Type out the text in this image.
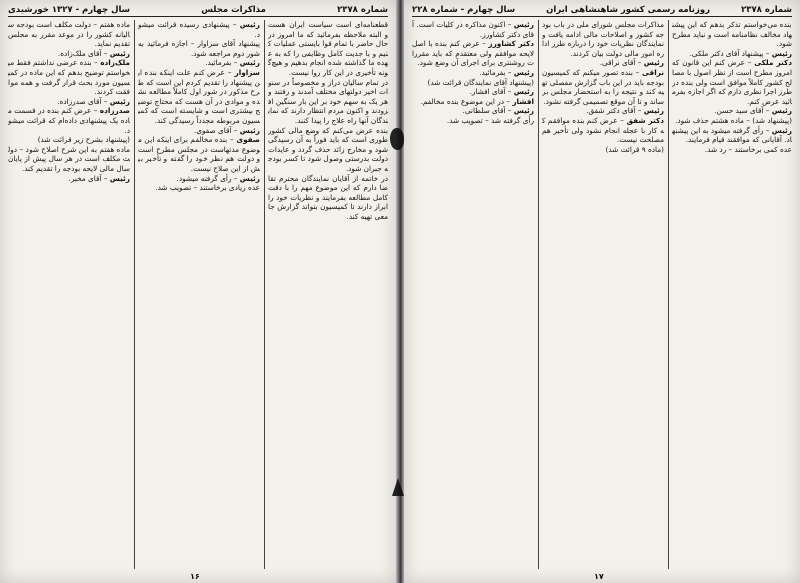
شماره ۲۳۷۸
مذاکرات مجلس
سال چهارم - ۱۳۲۷ خورشیدی
ماده هفتم – دولت مکلف است بودجه سالیانه کشور را در موعد مقرر به مجلس تقدیم نماید.
رئیس – آقای ملک‌زاده.
ملک‌زاده – بنده عرضی نداشتم فقط میخواستم توضیح بدهم که این ماده در کمیسیون مورد بحث قرار گرفت و همه موافقت کردند.
رئیس – آقای صدرزاده.
صدرزاده – عرض کنم بنده در قسمت ماده یک پیشنهادی داده‌ام که قرائت میشود.
(پیشنهاد بشرح زیر قرائت شد)
ماده هفتم به این شرح اصلاح شود – دولت مکلف است در هر سال پیش از پایان سال مالی لایحه بودجه را تقدیم کند.
رئیس – آقای مخبر.
رئیس – پیشنهادی رسیده قرائت میشود.
پیشنهاد آقای سزاوار – اجازه فرمائید به شور دوم مراجعه شود.
رئیس – بفرمائید.
سزاوار – عرض کنم علت اینکه بنده این پیشنهاد را تقدیم کردم این است که طرح مذکور در شور اول کاملاً مطالعه نشده و موادی در آن هست که محتاج توضیح بیشتری است و شایسته است که کمیسیون مربوطه مجدداً رسیدگی کند.
رئیس – آقای صفوی.
صفوی – بنده مخالفم برای اینکه این موضوع مدتهاست در مجلس مطرح است و دولت هم نظر خود را گفته و تأخیر بیش از این صلاح نیست.
رئیس – رأی گرفته میشود.
عده زیادی برخاستند – تصویب شد.
قطعنامه‌ای است سیاست ایران هست و البته ملاحظه بفرمائید که ما امروز در حال حاضر با تمام قوا بایستی عملیات کنیم و با جدیت کامل وظایفی را که به عهده ما گذاشته شده انجام بدهیم و هیچ‌گونه تأخیری در این کار روا نیست.
در تمام سالیان دراز و مخصوصاً در سنوات اخیر دولتهای مختلف آمدند و رفتند و هر یک به سهم خود بر این بار سنگین افزودند و اکنون مردم انتظار دارند که نمایندگان آنها راه علاج را پیدا کنند.
بنده عرض می‌کنم که وضع مالی کشور طوری است که باید فوراً به آن رسیدگی شود و مخارج زائد حذف گردد و عایدات دولت بدرستی وصول شود تا کسر بودجه جبران شود.
در خاتمه از آقایان نمایندگان محترم تقاضا دارم که این موضوع مهم را با دقت کامل مطالعه بفرمایند و نظریات خود را ابراز دارند تا کمیسیون بتواند گزارش جامعی تهیه کند.
۱۶
شماره ۲۳۷۸
روزنامه رسمی کشور شاهنشاهی ایران
سال چهارم - شماره ۲۲۸
رئیس – اکنون مذاکره در کلیات است. آقای دکتر کشاورز.
دکتر کشاورز – عرض کنم بنده با اصل لایحه موافقم ولی معتقدم که باید مقررات روشنتری برای اجرای آن وضع شود.
رئیس – بفرمائید.
(پیشنهاد آقای نمایندگان قرائت شد)
رئیس – آقای افشار.
افشار – در این موضوع بنده مخالفم.
رئیس – آقای سلطانی.
رأی گرفته شد – تصویب شد.
مذاکرات مجلس شورای ملی در باب بودجه کشور و اصلاحات مالی ادامه یافت و نمایندگان نظریات خود را درباره طرز اداره امور مالی دولت بیان کردند.
رئیس – آقای نراقی.
نراقی – بنده تصور میکنم که کمیسیون بودجه باید در این باب گزارش مفصلی تهیه کند و نتیجه را به استحضار مجلس برساند و تا آن موقع تصمیمی گرفته نشود.
رئیس – آقای دکتر شفق.
دکتر شفق – عرض کنم بنده موافقم که کار با عجله انجام نشود ولی تأخیر هم مصلحت نیست.
(ماده ۹ قرائت شد)
بنده می‌خواستم تذکر بدهم که این پیشنهاد مخالف نظامنامه است و نباید مطرح شود.
رئیس – پیشنهاد آقای دکتر ملکی.
دکتر ملکی – عرض کنم این قانون که امروز مطرح است از نظر اصول با مصالح کشور کاملاً موافق است ولی بنده در طرز اجرا نظری دارم که اگر اجازه بفرمائید عرض کنم.
رئیس – آقای سید حسن.
(پیشنهاد شد) – ماده هشتم حذف شود.
رئیس – رأی گرفته میشود به این پیشنهاد. آقایانی که موافقند قیام فرمایند.
عده کمی برخاستند – رد شد.
۱۷
